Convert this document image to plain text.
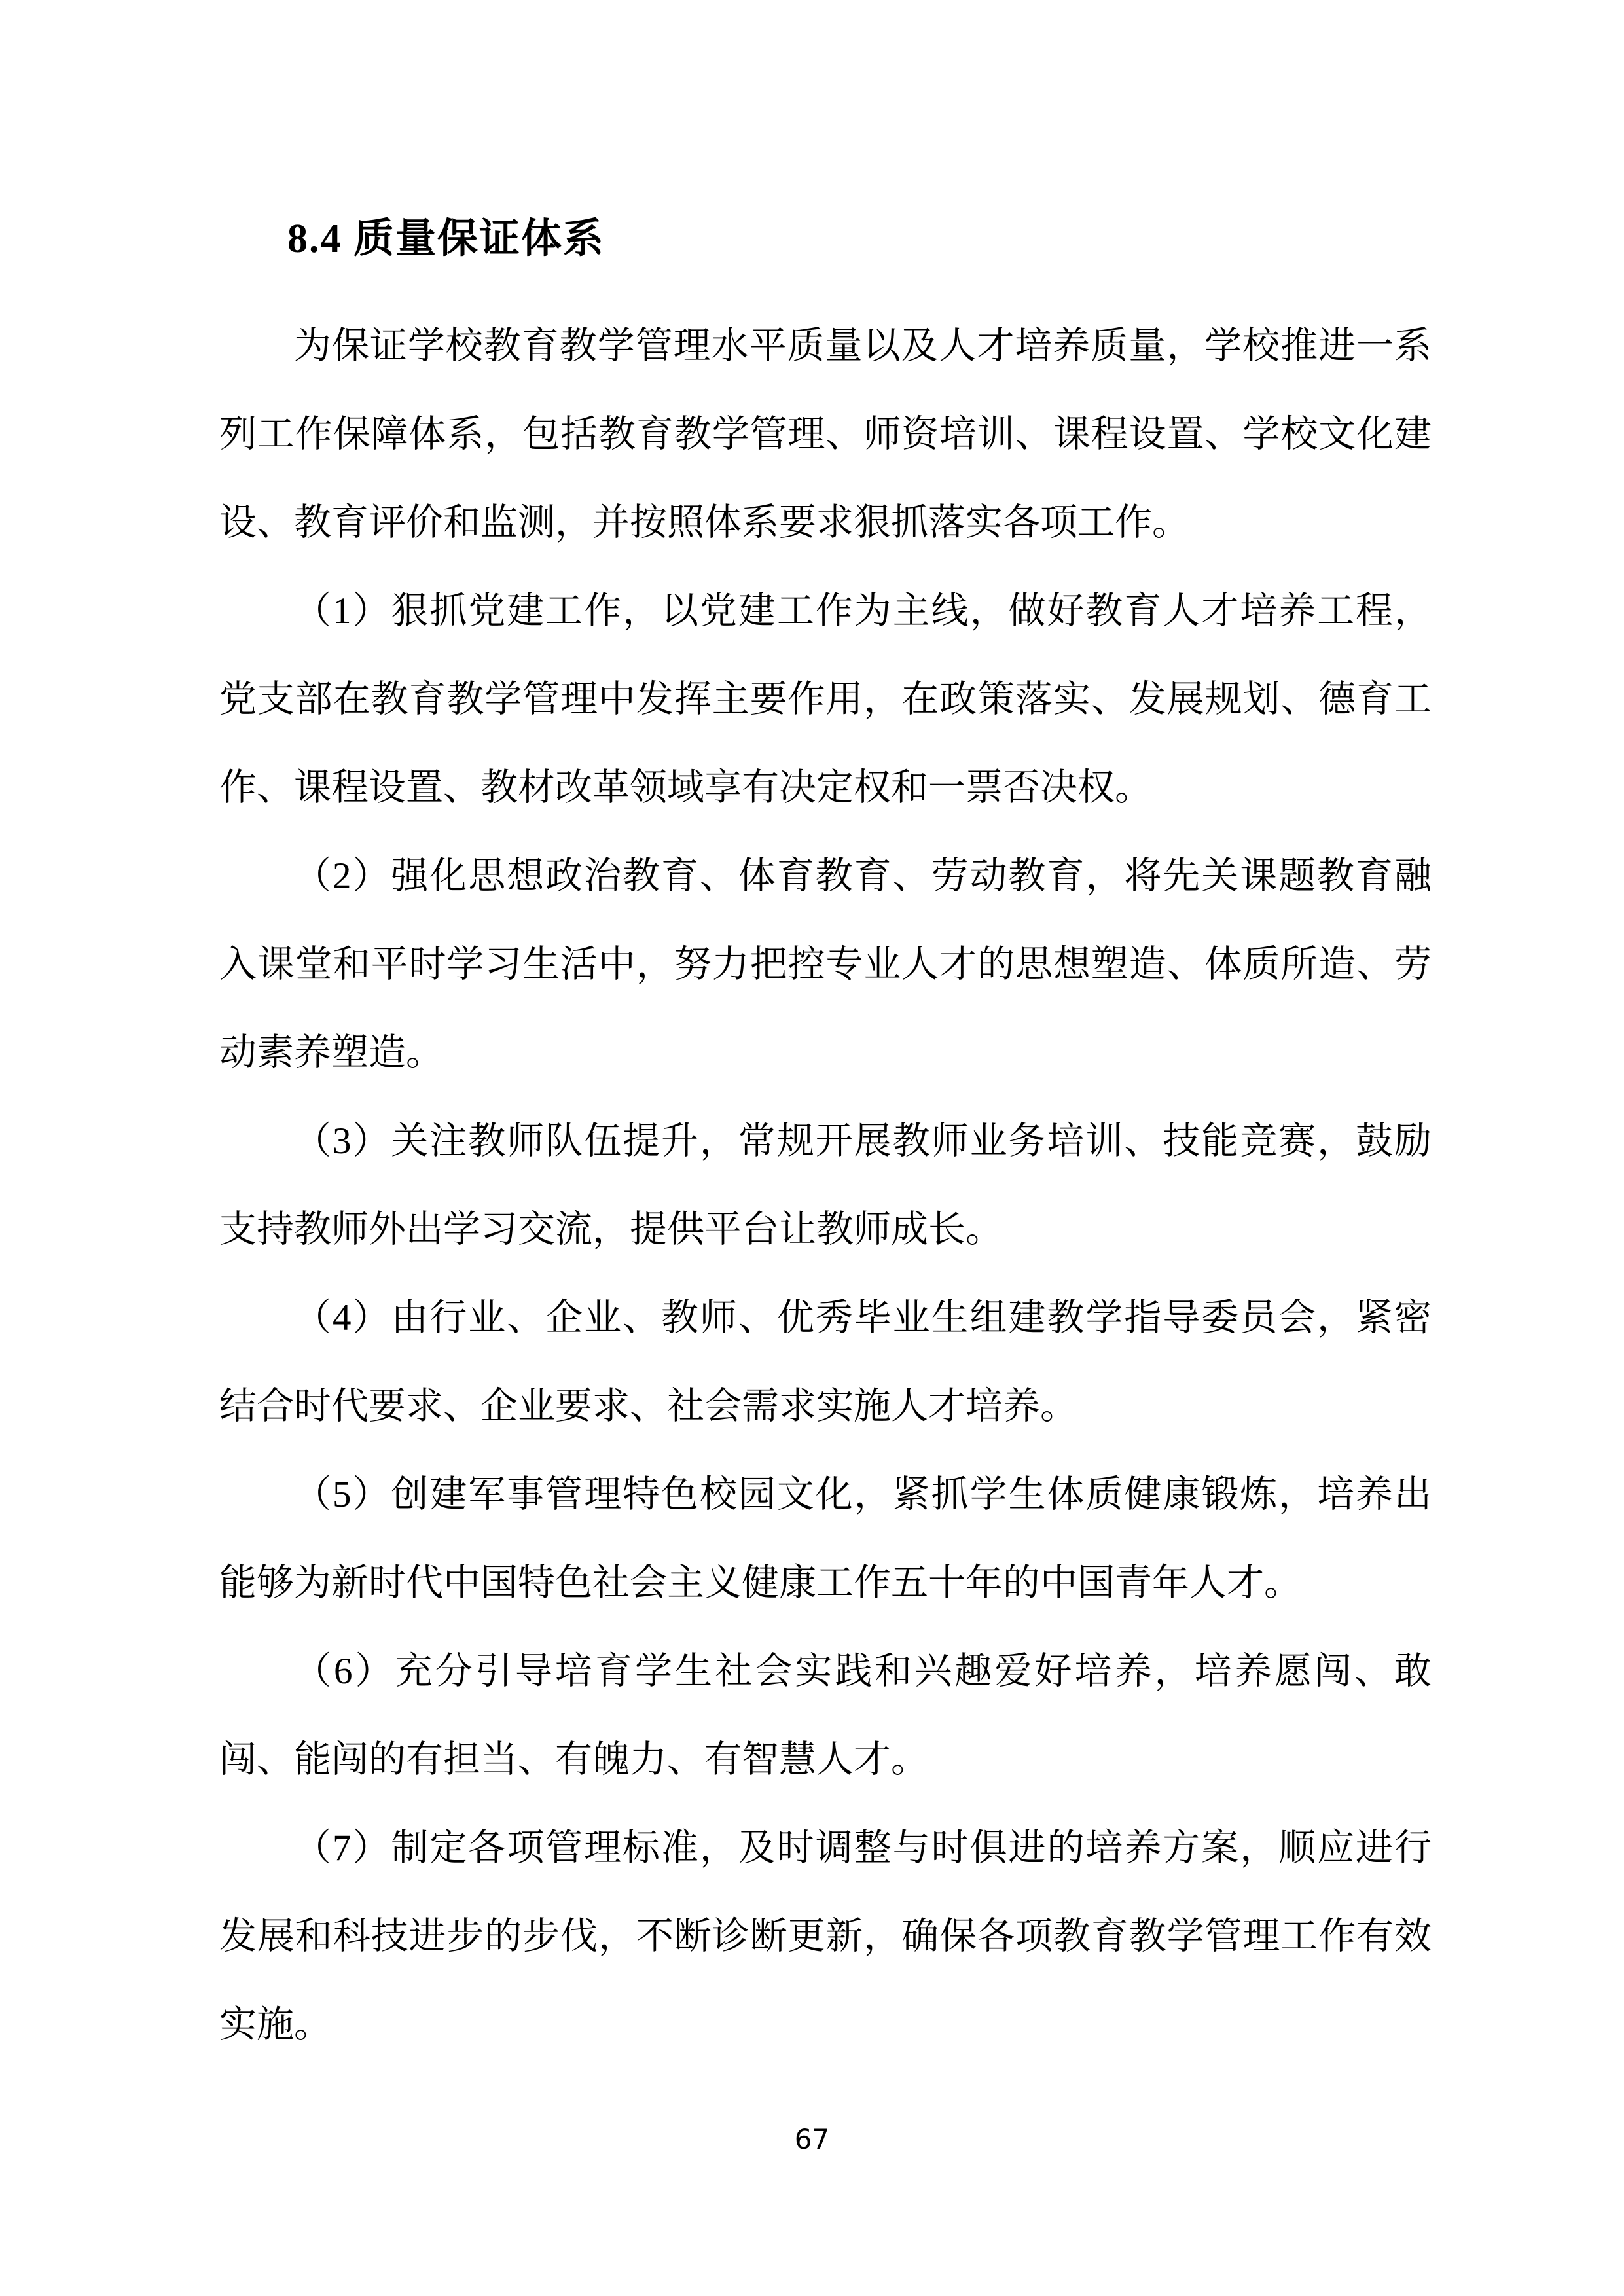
8.4 质量保证体系

为保证学校教育教学管理水平质量以及人才培养质量，学校推进一系列工作保障体系，包括教育教学管理、师资培训、课程设置、学校文化建设、教育评价和监测，并按照体系要求狠抓落实各项工作。

（1）狠抓党建工作，以党建工作为主线，做好教育人才培养工程，党支部在教育教学管理中发挥主要作用，在政策落实、发展规划、德育工作、课程设置、教材改革领域享有决定权和一票否决权。

（2）强化思想政治教育、体育教育、劳动教育，将先关课题教育融入课堂和平时学习生活中，努力把控专业人才的思想塑造、体质所造、劳动素养塑造。

（3）关注教师队伍提升，常规开展教师业务培训、技能竞赛，鼓励支持教师外出学习交流，提供平台让教师成长。

（4）由行业、企业、教师、优秀毕业生组建教学指导委员会，紧密结合时代要求、企业要求、社会需求实施人才培养。

（5）创建军事管理特色校园文化，紧抓学生体质健康锻炼，培养出能够为新时代中国特色社会主义健康工作五十年的中国青年人才。

（6）充分引导培育学生社会实践和兴趣爱好培养，培养愿闯、敢闯、能闯的有担当、有魄力、有智慧人才。

（7）制定各项管理标准，及时调整与时俱进的培养方案，顺应进行发展和科技进步的步伐，不断诊断更新，确保各项教育教学管理工作有效实施。

67
